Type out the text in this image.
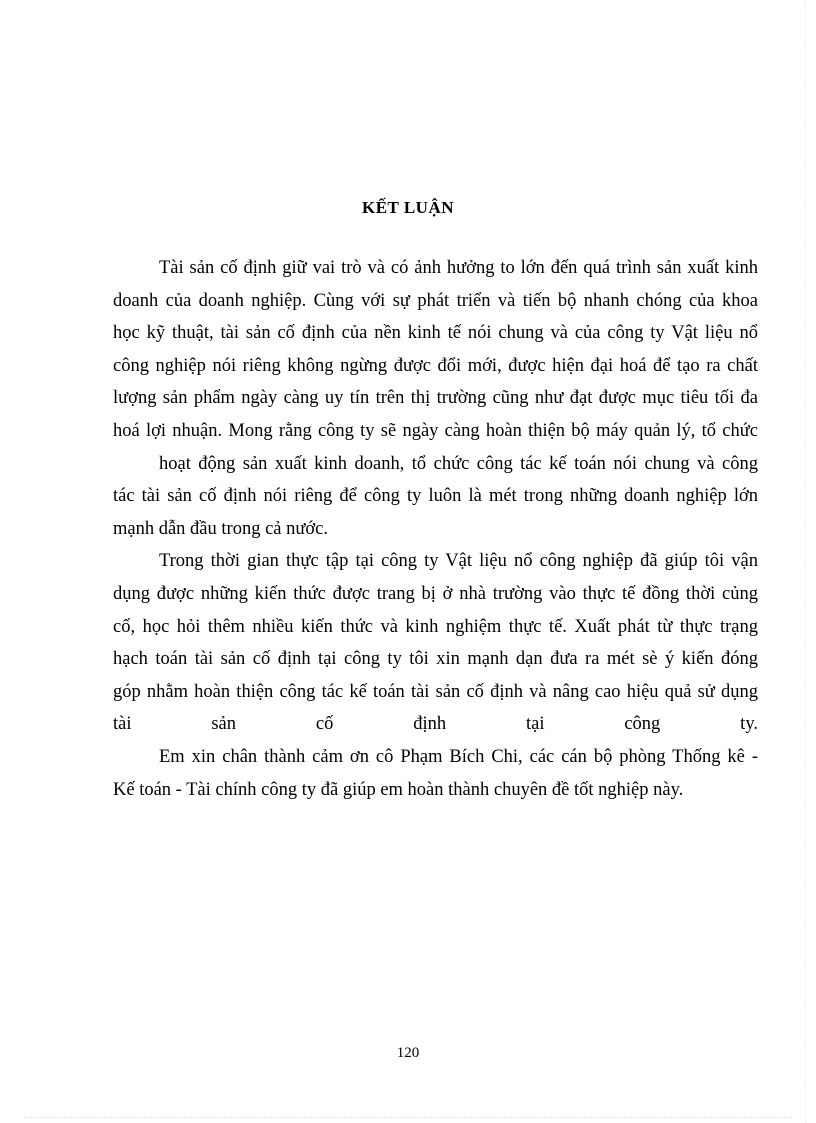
KẾT LUẬN
Tài sản cố định giữ vai trò và có ảnh hưởng to lớn đến quá trình sản xuất kinh
doanh của doanh nghiệp. Cùng với sự phát triển và tiến bộ nhanh chóng của khoa
học kỹ thuật, tài sản cố định của nền kinh tế nói chung và của công ty Vật liệu nổ
công nghiệp nói riêng không ngừng được đổi mới, được hiện đại hoá để tạo ra chất
lượng sản phẩm ngày càng uy tín trên thị trường cũng như đạt được mục tiêu tối đa
hoá lợi nhuận. Mong rằng công ty sẽ ngày càng hoàn thiện bộ máy quản lý, tổ chức
hoạt động sản xuất kinh doanh, tổ chức công tác kế toán nói chung và công
tác tài sản cố định nói riêng để công ty luôn là mét trong những doanh nghiệp lớn
mạnh dẫn đầu trong cả nước.
Trong thời gian thực tập tại công ty Vật liệu nổ công nghiệp đã giúp tôi vận
dụng được những kiến thức được trang bị ở nhà trường vào thực tế đồng thời củng
cố, học hỏi thêm nhiều kiến thức và kinh nghiệm thực tế. Xuất phát từ thực trạng
hạch toán tài sản cố định tại công ty tôi xin mạnh dạn đưa ra mét sè ý kiến đóng
góp nhằm hoàn thiện công tác kế toán tài sản cố định và nâng cao hiệu quả sử dụng
tài sản cố định tại công ty.
Em xin chân thành cảm ơn cô Phạm Bích Chi, các cán bộ phòng Thống kê -
Kế toán - Tài chính công ty đã giúp em hoàn thành chuyên đề tốt nghiệp này.
120
